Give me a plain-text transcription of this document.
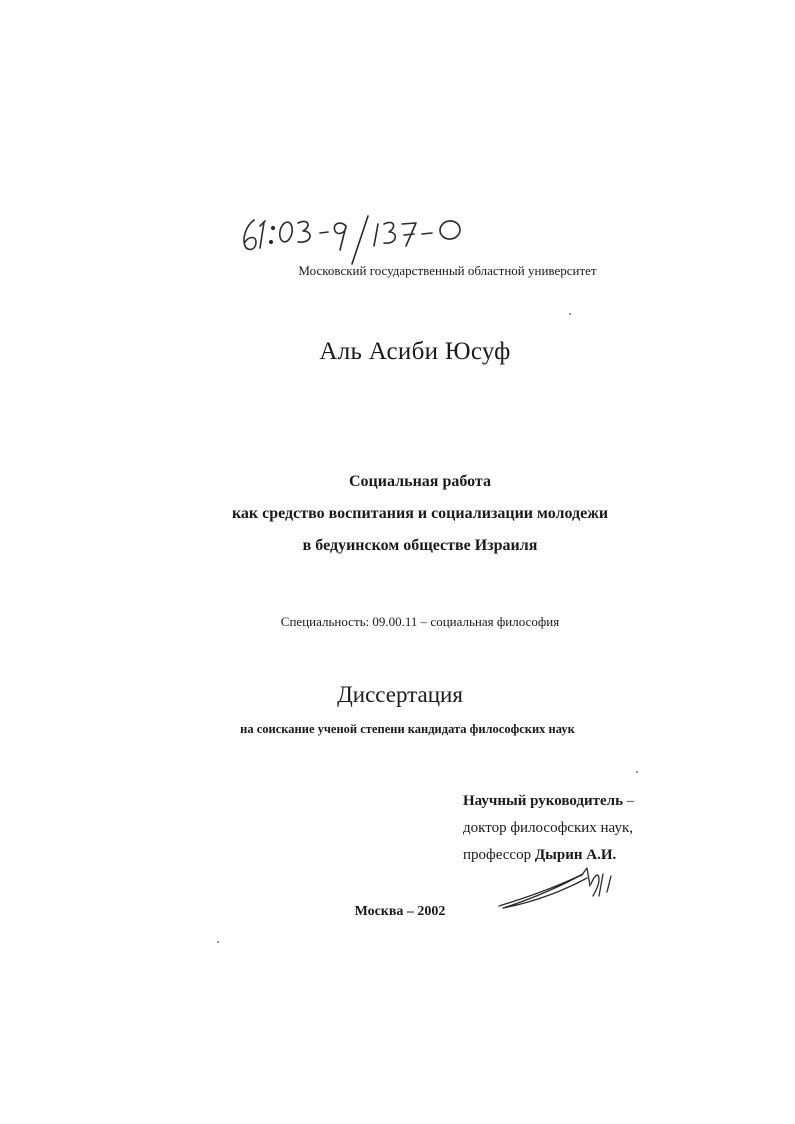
Московский государственный областной университет
Аль Асиби Юсуф
Социальная работа
как средство воспитания и социализации молодежи
в бедуинском обществе Израиля
Специальность: 09.00.11 – социальная философия
Диссертация
на соискание ученой степени кандидата философских наук
Научный руководитель –
доктор философских наук,
профессор Дырин А.И.
Москва – 2002
